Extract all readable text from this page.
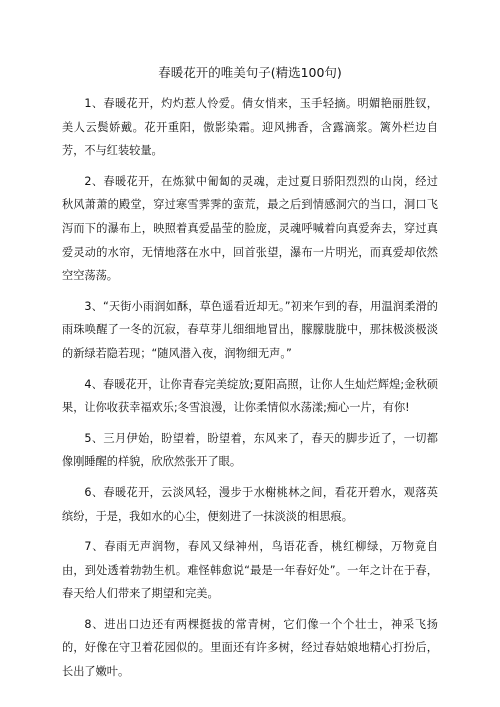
春暖花开的唯美句子(精选100句)

1、春暖花开，灼灼惹人怜爱。倩女悄来，玉手轻摘。明媚艳丽胜钗，美人云鬓娇戴。花开重阳，傲影染霜。迎风拂香，含露滴浆。篱外栏边自芳，不与红装较量。

2、春暖花开，在炼狱中匍匐的灵魂，走过夏日骄阳烈烈的山岗，经过秋风萧萧的殿堂，穿过寒雪霁霁的蛮荒，最之后到情感洞穴的当口，洞口飞泻而下的瀑布上，映照着真爱晶莹的脸庞，灵魂呼喊着向真爱奔去，穿过真爱灵动的水帘，无情地落在水中，回首张望，瀑布一片明光，而真爱却依然空空荡荡。

3、“天街小雨润如酥，草色遥看近却无。”初来乍到的春，用温润柔滑的雨珠唤醒了一冬的沉寂，春草芽儿细细地冒出，朦朦胧胧中，那抹极淡极淡的新绿若隐若现；“随风潜入夜，润物细无声。”

4、春暖花开，让你青春完美绽放;夏阳高照，让你人生灿烂辉煌;金秋硕果，让你收获幸福欢乐;冬雪浪漫，让你柔情似水荡漾;痴心一片，有你!

5、三月伊始，盼望着，盼望着，东风来了，春天的脚步近了，一切都像刚睡醒的样貌，欣欣然张开了眼。

6、春暖花开，云淡风轻，漫步于水榭桃林之间，看花开碧水，观落英缤纷，于是，我如水的心尘，便刻进了一抹淡淡的相思痕。

7、春雨无声润物，春风又绿神州，鸟语花香，桃红柳绿，万物竟自由，到处透着勃勃生机。难怪韩愈说“最是一年春好处”。一年之计在于春，春天给人们带来了期望和完美。

8、进出口边还有两棵挺拔的常青树，它们像一个个壮士，神采飞扬的，好像在守卫着花园似的。里面还有许多树，经过春姑娘地精心打扮后，长出了嫩叶。
